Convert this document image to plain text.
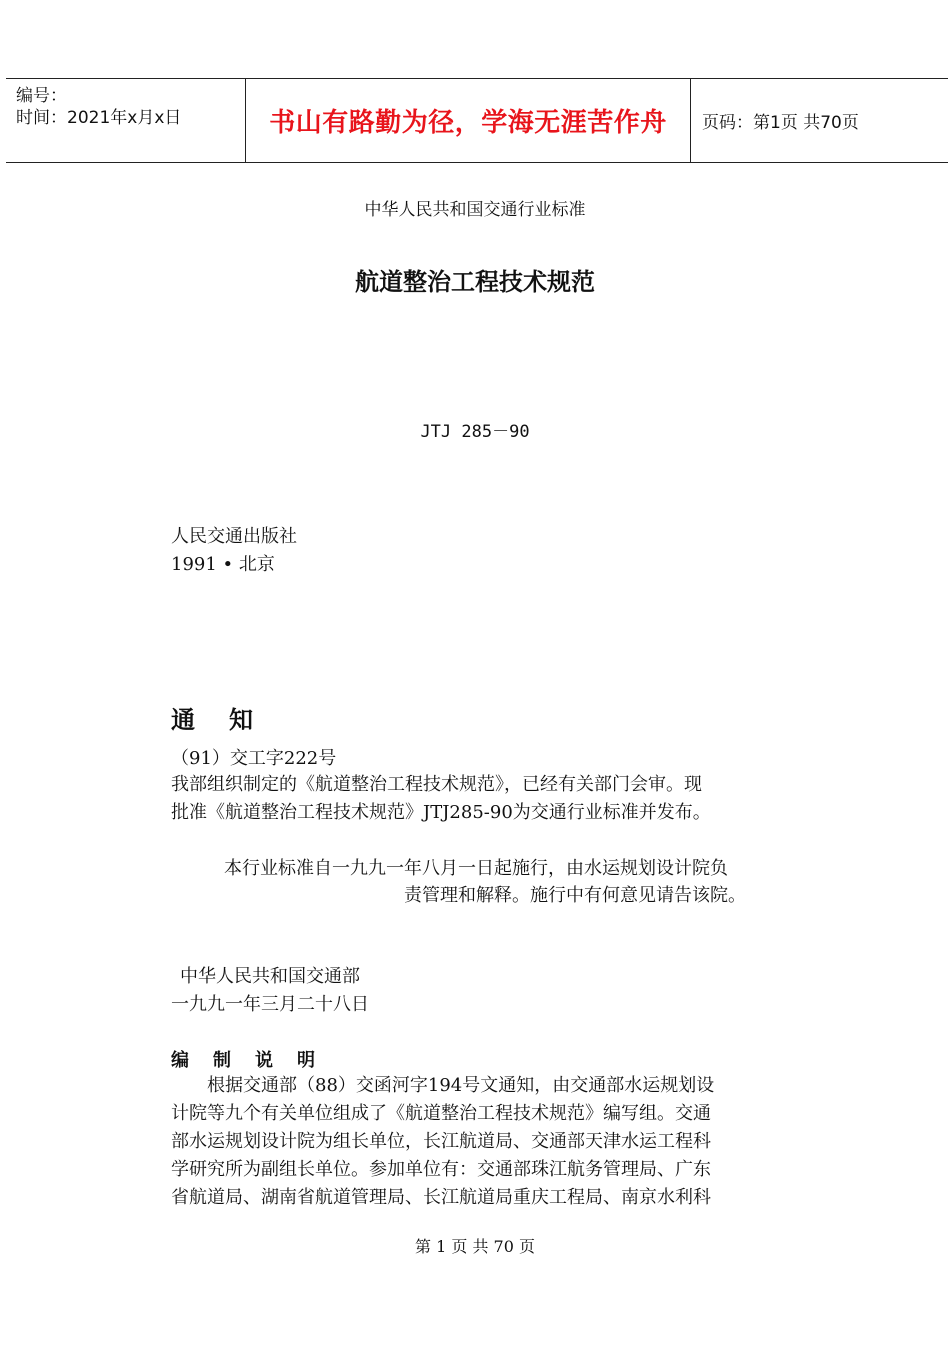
编号：
时间：2021年x月x日	书山有路勤为径，学海无涯苦作舟	页码：第1页 共70页
中华人民共和国交通行业标准
航道整治工程技术规范
JTJ 285－90
人民交通出版社
1991 • 北京
通 知
（91）交工字222号
我部组织制定的《航道整治工程技术规范》，已经有关部门会审。现
批准《航道整治工程技术规范》JTJ285-90为交通行业标准并发布。
本行业标准自一九九一年八月一日起施行，由水运规划设计院负
责管理和解释。施行中有何意见请告该院。
中华人民共和国交通部
一九九一年三月二十八日
编 制 说 明
　　根据交通部（88）交函河字194号文通知，由交通部水运规划设
计院等九个有关单位组成了《航道整治工程技术规范》编写组。交通
部水运规划设计院为组长单位，长江航道局、交通部天津水运工程科
学研究所为副组长单位。参加单位有：交通部珠江航务管理局、广东
省航道局、湖南省航道管理局、长江航道局重庆工程局、南京水利科
第 1 页 共 70 页
